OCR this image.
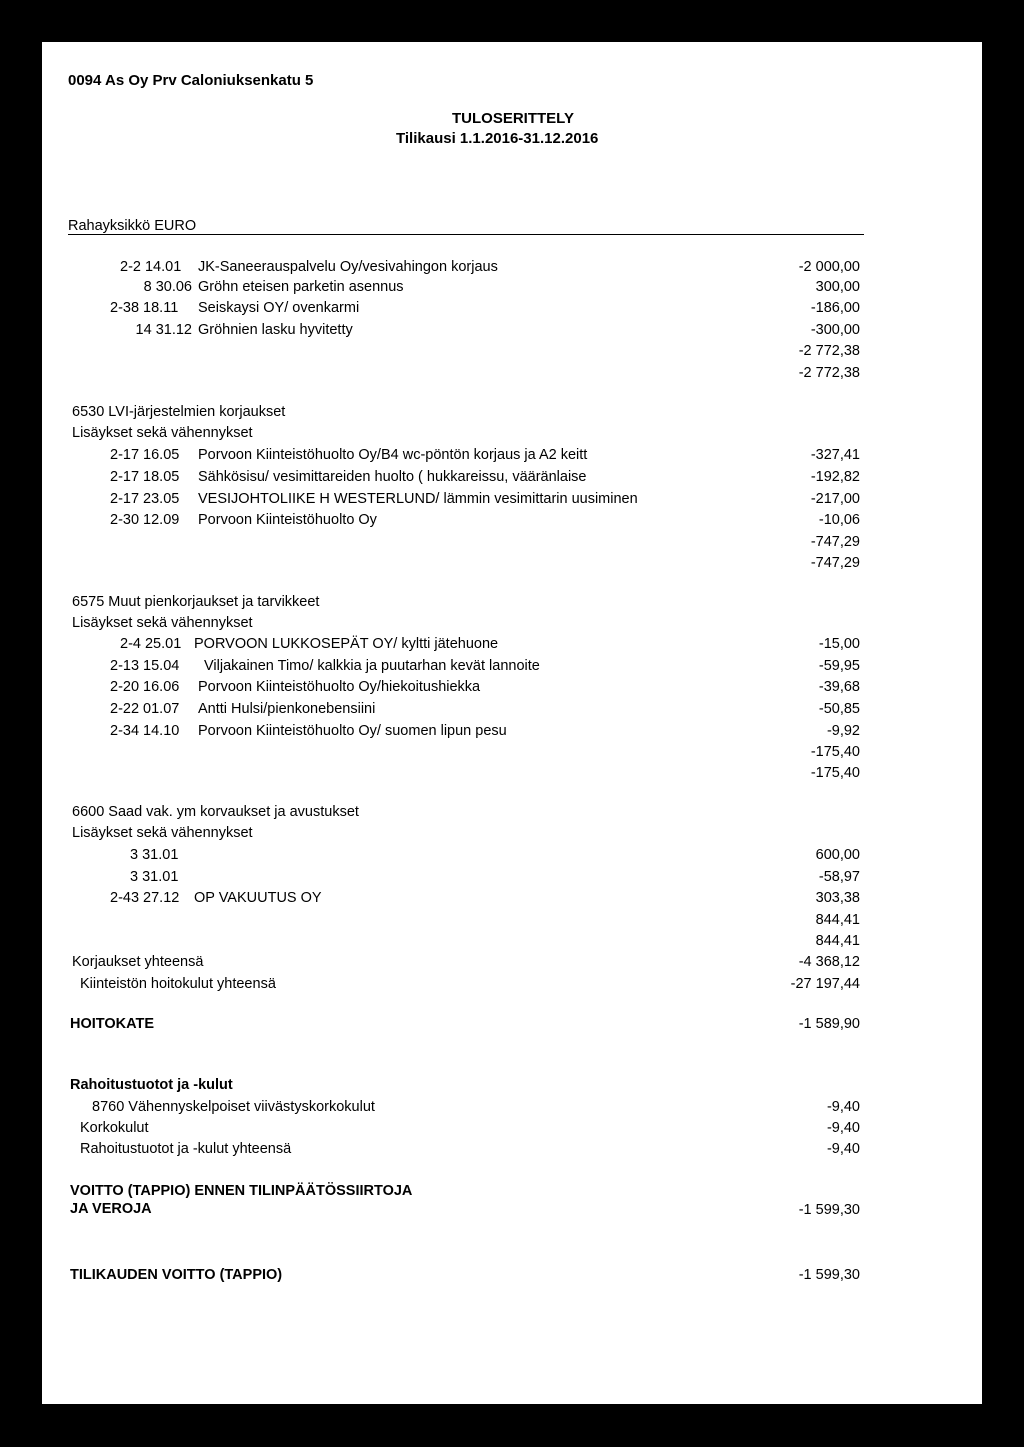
0094 As Oy Prv Caloniuksenkatu 5
TULOSERITTELY
Tilikausi 1.1.2016-31.12.2016
Rahayksikkö EURO
2-2 14.01 JK-Saneerauspalvelu Oy/vesivahingon korjaus	-2 000,00
8 30.06 Gröhn eteisen parketin asennus	300,00
2-38 18.11 Seiskaysi OY/ ovenkarmi	-186,00
14 31.12 Gröhnien lasku hyvitetty	-300,00
-2 772,38
-2 772,38
6530 LVI-järjestelmien korjaukset
Lisäykset sekä vähennykset
2-17 16.05 Porvoon Kiinteistöhuolto Oy/B4 wc-pöntön korjaus ja A2 keitt	-327,41
2-17 18.05 Sähkösisu/ vesimittareiden huolto ( hukkareissu, vääränlaise	-192,82
2-17 23.05 VESIJOHTOLIIKE H WESTERLUND/ lämmin vesimittarin uusiminen	-217,00
2-30 12.09 Porvoon Kiinteistöhuolto Oy	-10,06
-747,29
-747,29
6575 Muut pienkorjaukset ja tarvikkeet
Lisäykset sekä vähennykset
2-4 25.01 PORVOON LUKKOSEPÄT OY/ kyltti jätehuone	-15,00
2-13 15.04 Viljakainen Timo/ kalkkia ja puutarhan kevät lannoite	-59,95
2-20 16.06 Porvoon Kiinteistöhuolto Oy/hiekoitushiekka	-39,68
2-22 01.07 Antti Hulsi/pienkonebensiini	-50,85
2-34 14.10 Porvoon Kiinteistöhuolto Oy/ suomen lipun pesu	-9,92
-175,40
-175,40
6600 Saad vak. ym korvaukset ja avustukset
Lisäykset sekä vähennykset
3 31.01	600,00
3 31.01	-58,97
2-43 27.12 OP VAKUUTUS OY	303,38
844,41
844,41
Korjaukset yhteensä	-4 368,12
Kiinteistön hoitokulut yhteensä	-27 197,44
HOITOKATE	-1 589,90
Rahoitustuotot ja -kulut
8760 Vähennyskelpoiset viivästyskorkokulut	-9,40
Korkokulut	-9,40
Rahoitustuotot ja -kulut yhteensä	-9,40
VOITTO (TAPPIO) ENNEN TILINPÄÄTÖSSIIRTOJA
JA VEROJA	-1 599,30
TILIKAUDEN VOITTO (TAPPIO)	-1 599,30
